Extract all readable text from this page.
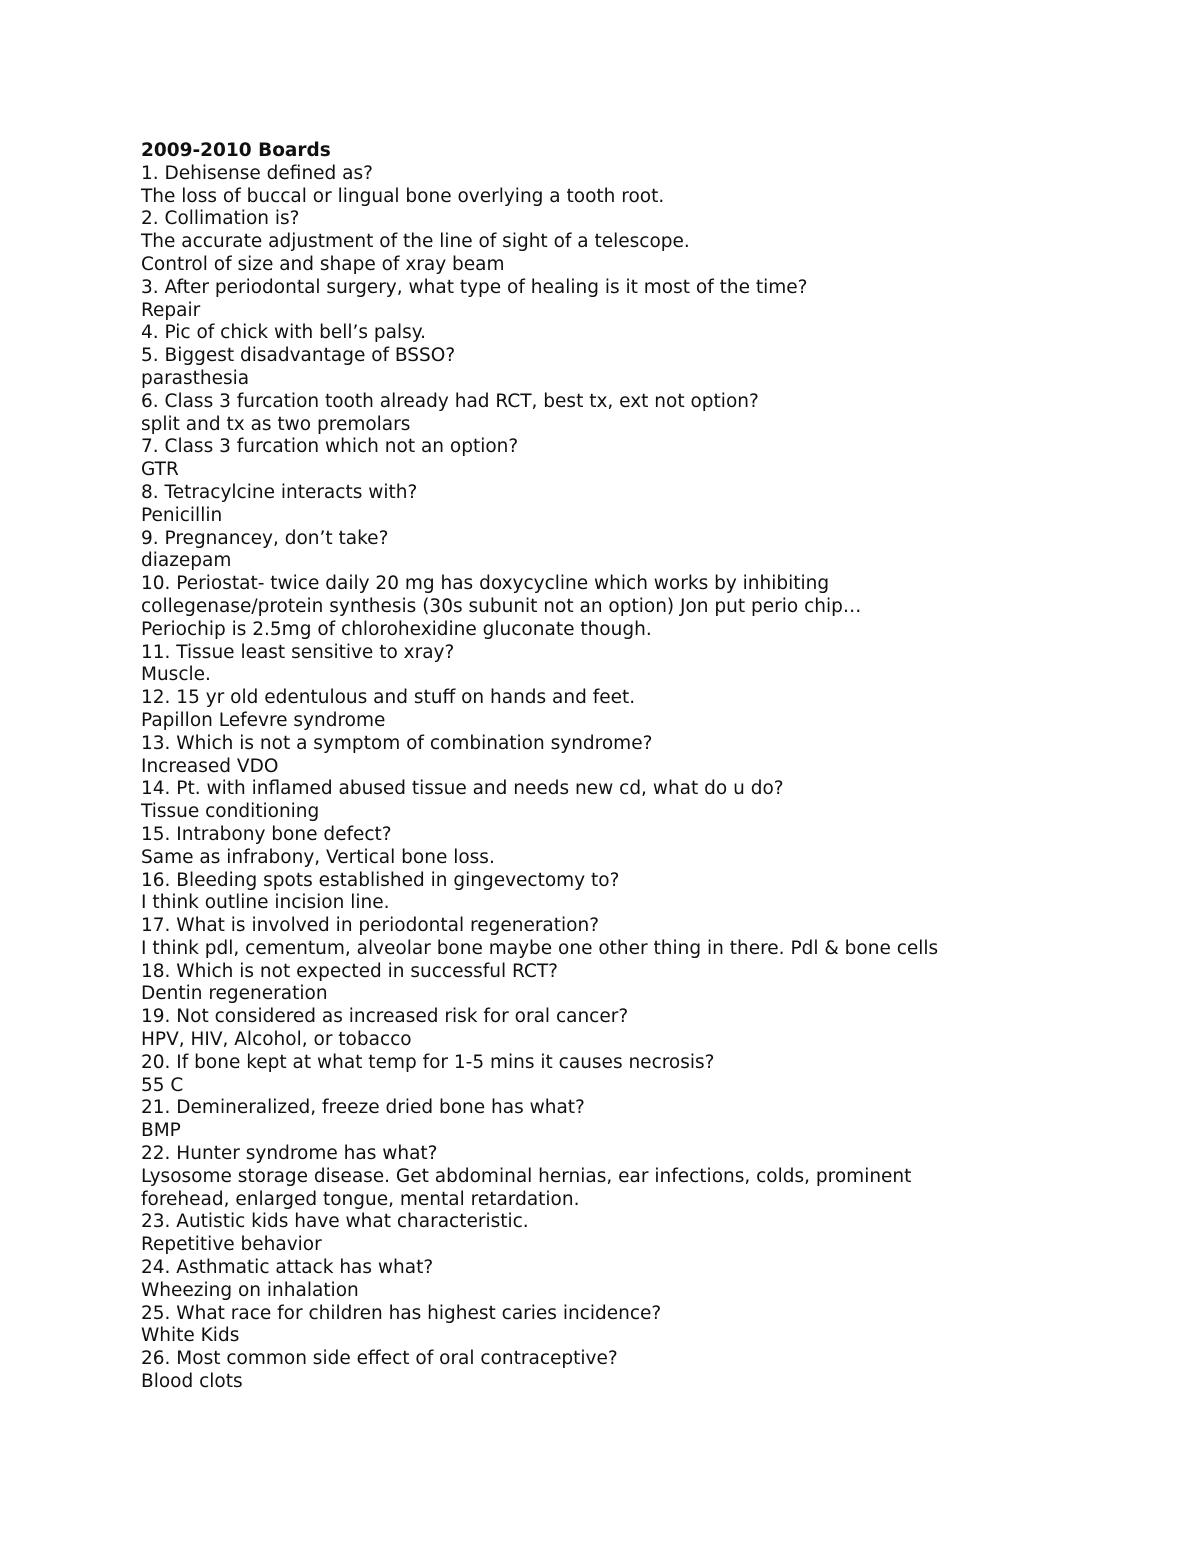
2009-2010 Boards

1. Dehisense defined as?

The loss of buccal or lingual bone overlying a tooth root.

2. Collimation is?

The accurate adjustment of the line of sight of a telescope.

Control of size and shape of xray beam

3. After periodontal surgery, what type of healing is it most of the time?

Repair

4. Pic of chick with bell’s palsy.

5. Biggest disadvantage of BSSO?

parasthesia

6. Class 3 furcation tooth already had RCT, best tx, ext not option?

split and tx as two premolars

7. Class 3 furcation which not an option?

GTR

8. Tetracylcine interacts with?

Penicillin

9. Pregnancey, don’t take?

diazepam

10. Periostat- twice daily 20 mg has doxycycline which works by inhibiting

collegenase/protein synthesis (30s subunit not an option) Jon put perio chip…

Periochip is 2.5mg of chlorohexidine gluconate though.

11. Tissue least sensitive to xray?

Muscle.

12. 15 yr old edentulous and stuff on hands and feet.

Papillon Lefevre syndrome

13. Which is not a symptom of combination syndrome?

Increased VDO

14. Pt. with inflamed abused tissue and needs new cd, what do u do?

Tissue conditioning

15. Intrabony bone defect?

Same as infrabony, Vertical bone loss.

16. Bleeding spots established in gingevectomy to?

I think outline incision line.

17. What is involved in periodontal regeneration?

I think pdl, cementum, alveolar bone maybe one other thing in there. Pdl & bone cells

18. Which is not expected in successful RCT?

Dentin regeneration

19. Not considered as increased risk for oral cancer?

HPV, HIV, Alcohol, or tobacco

20. If bone kept at what temp for 1-5 mins it causes necrosis?

55 C

21. Demineralized, freeze dried bone has what?

BMP

22. Hunter syndrome has what?

Lysosome storage disease. Get abdominal hernias, ear infections, colds, prominent

forehead, enlarged tongue, mental retardation.

23. Autistic kids have what characteristic.

Repetitive behavior

24. Asthmatic attack has what?

Wheezing on inhalation

25. What race for children has highest caries incidence?

White Kids

26. Most common side effect of oral contraceptive?

Blood clots
